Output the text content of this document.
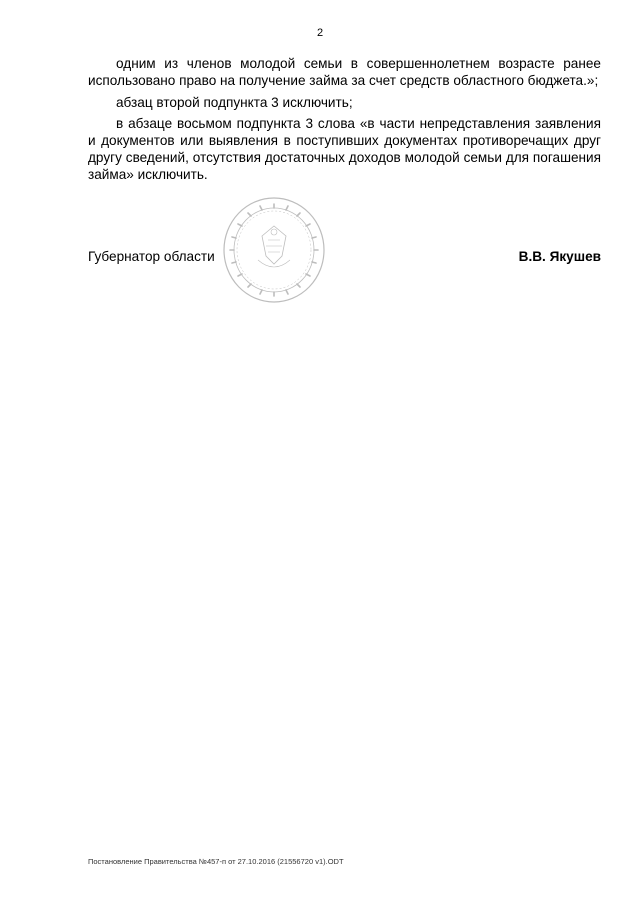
2

одним из членов молодой семьи в совершеннолетнем возрасте ранее использовано право на получение займа за счет средств областного бюджета.»;

абзац второй подпункта 3 исключить;

в абзаце восьмом подпункта 3 слова «в части непредставления заявления и документов или выявления в поступивших документах противоречащих друг другу сведений, отсутствия достаточных доходов молодой семьи для погашения займа» исключить.

Губернатор области	В.В. Якушев
Постановление Правительства №457-п от 27.10.2016 (21556720 v1).ODT
